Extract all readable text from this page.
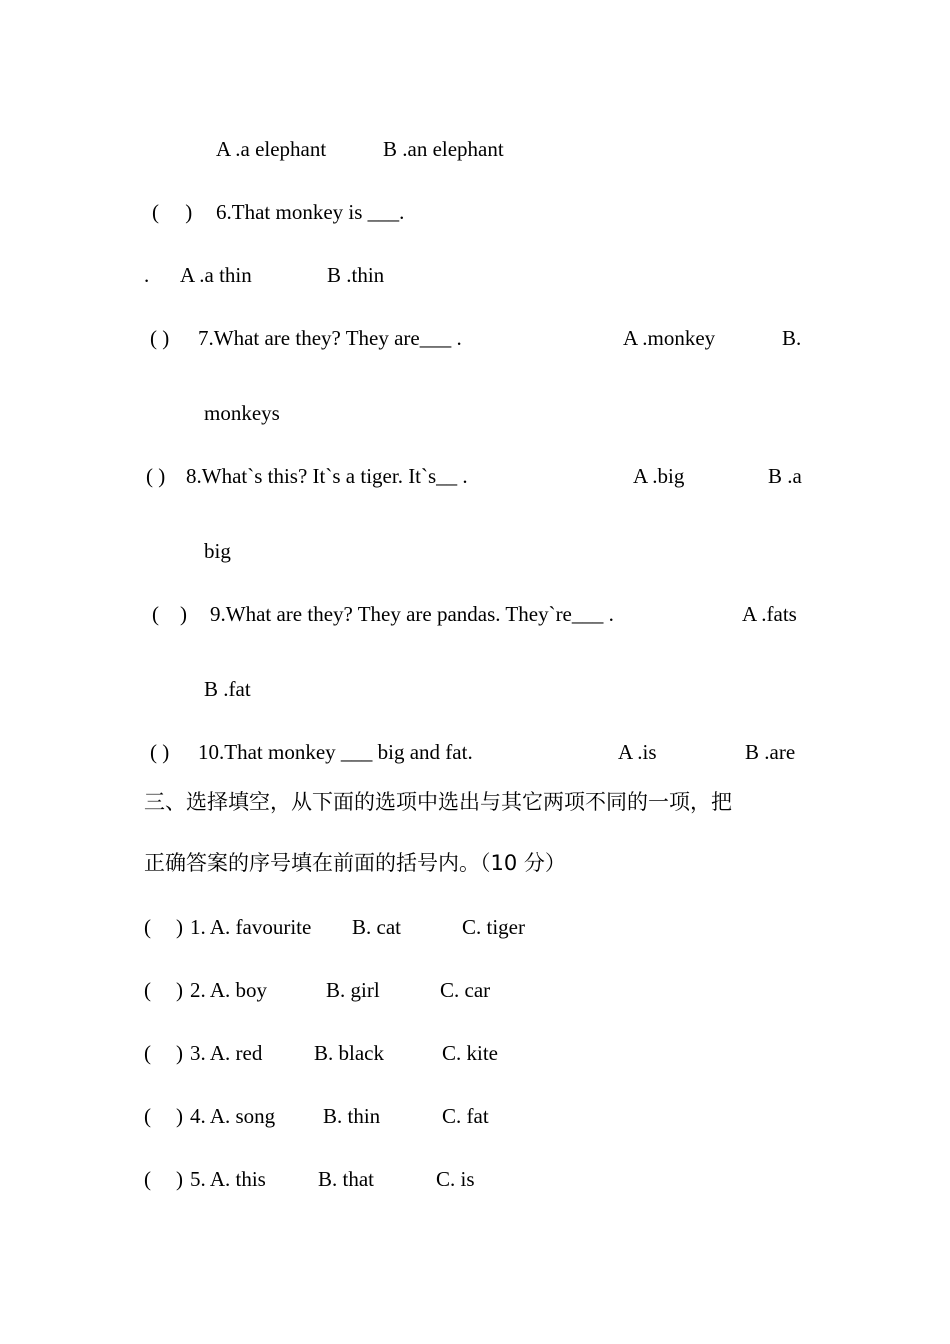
A .a elephant	B .an elephant
(     ) 6.That monkey is ___.
. A .a thin	B .thin
( ) 7.What are they? They are___ .	A .monkey	B.
monkeys
( ) 8.What`s this? It`s a tiger. It`s__ .	A .big	B .a
big
(    ) 9.What are they? They are pandas. They`re___ .	A .fats
B .fat
( ) 10.That monkey ___ big and fat.	A .is	B .are
三、选择填空，从下面的选项中选出与其它两项不同的一项，把
正确答案的序号填在前面的括号内。（10 分）
( ) 1. A. favourite B. cat	C. tiger
( ) 2. A. boy	B. girl	C. car
( ) 3. A. red B. black	C. kite
( ) 4. A. song B. thin	C. fat
( ) 5. A. this B. that	C. is
